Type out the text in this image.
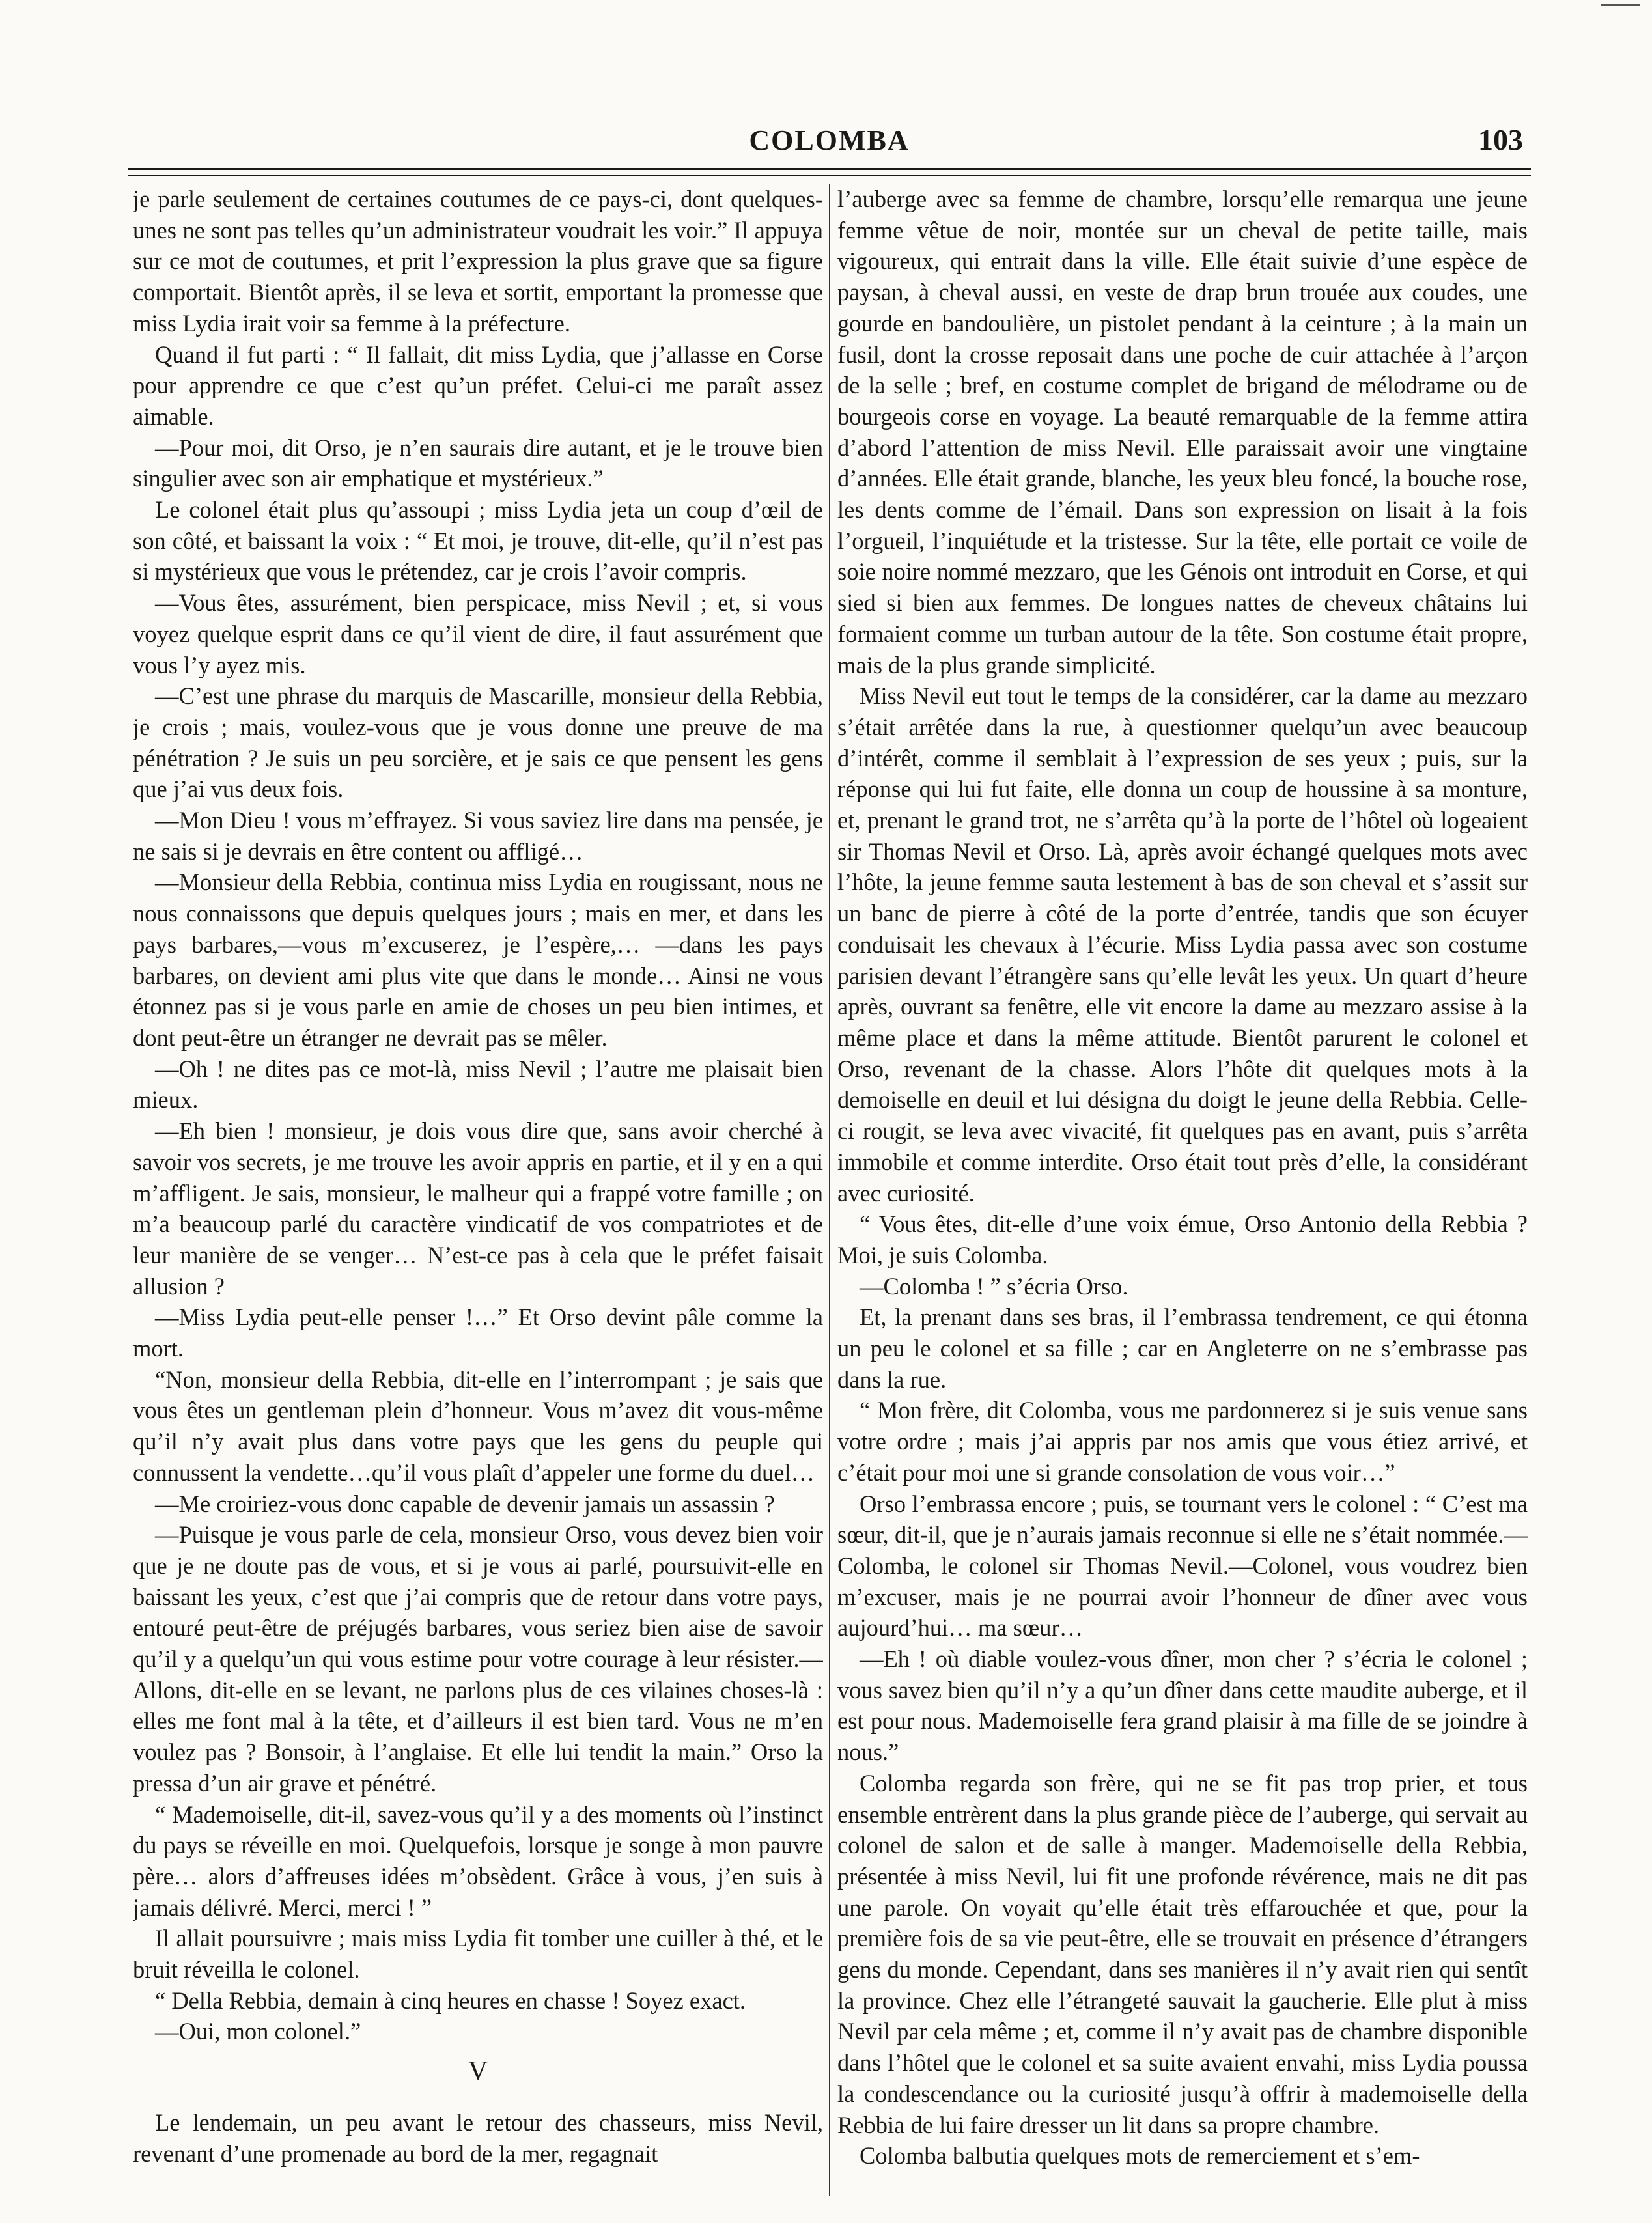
COLOMBA	103

je parle seulement de certaines coutumes de ce pays-ci, dont quelques-unes ne sont pas telles qu’un administrateur voudrait les voir.” Il appuya sur ce mot de coutumes, et prit l’expression la plus grave que sa figure comportait. Bientôt après, il se leva et sortit, emportant la promesse que miss Lydia irait voir sa femme à la préfecture.

Quand il fut parti : “ Il fallait, dit miss Lydia, que j’allasse en Corse pour apprendre ce que c’est qu’un préfet. Celui-ci me paraît assez aimable.

—Pour moi, dit Orso, je n’en saurais dire autant, et je le trouve bien singulier avec son air emphatique et mystérieux.”

Le colonel était plus qu’assoupi ; miss Lydia jeta un coup d’œil de son côté, et baissant la voix : “ Et moi, je trouve, dit-elle, qu’il n’est pas si mystérieux que vous le prétendez, car je crois l’avoir compris.

—Vous êtes, assurément, bien perspicace, miss Nevil ; et, si vous voyez quelque esprit dans ce qu’il vient de dire, il faut assurément que vous l’y ayez mis.

—C’est une phrase du marquis de Mascarille, monsieur della Rebbia, je crois ; mais, voulez-vous que je vous donne une preuve de ma pénétration ? Je suis un peu sorcière, et je sais ce que pensent les gens que j’ai vus deux fois.

—Mon Dieu ! vous m’effrayez. Si vous saviez lire dans ma pensée, je ne sais si je devrais en être content ou affligé…

—Monsieur della Rebbia, continua miss Lydia en rougissant, nous ne nous connaissons que depuis quelques jours ; mais en mer, et dans les pays barbares,—vous m’excuserez, je l’espère,… —dans les pays barbares, on devient ami plus vite que dans le monde… Ainsi ne vous étonnez pas si je vous parle en amie de choses un peu bien intimes, et dont peut-être un étranger ne devrait pas se mêler.

—Oh ! ne dites pas ce mot-là, miss Nevil ; l’autre me plaisait bien mieux.

—Eh bien ! monsieur, je dois vous dire que, sans avoir cherché à savoir vos secrets, je me trouve les avoir appris en partie, et il y en a qui m’affligent. Je sais, monsieur, le malheur qui a frappé votre famille ; on m’a beaucoup parlé du caractère vindicatif de vos compatriotes et de leur manière de se venger… N’est-ce pas à cela que le préfet faisait allusion ?

—Miss Lydia peut-elle penser !…” Et Orso devint pâle comme la mort.

“Non, monsieur della Rebbia, dit-elle en l’interrompant ; je sais que vous êtes un gentleman plein d’honneur. Vous m’avez dit vous-même qu’il n’y avait plus dans votre pays que les gens du peuple qui connussent la vendette…qu’il vous plaît d’appeler une forme du duel…

—Me croiriez-vous donc capable de devenir jamais un assassin ?

—Puisque je vous parle de cela, monsieur Orso, vous devez bien voir que je ne doute pas de vous, et si je vous ai parlé, poursuivit-elle en baissant les yeux, c’est que j’ai compris que de retour dans votre pays, entouré peut-être de préjugés barbares, vous seriez bien aise de savoir qu’il y a quelqu’un qui vous estime pour votre courage à leur résister.—Allons, dit-elle en se levant, ne parlons plus de ces vilaines choses-là : elles me font mal à la tête, et d’ailleurs il est bien tard. Vous ne m’en voulez pas ? Bonsoir, à l’anglaise. Et elle lui tendit la main.” Orso la pressa d’un air grave et pénétré.

“ Mademoiselle, dit-il, savez-vous qu’il y a des moments où l’instinct du pays se réveille en moi. Quelquefois, lorsque je songe à mon pauvre père… alors d’affreuses idées m’obsèdent. Grâce à vous, j’en suis à jamais délivré. Merci, merci ! ”

Il allait poursuivre ; mais miss Lydia fit tomber une cuiller à thé, et le bruit réveilla le colonel.

“ Della Rebbia, demain à cinq heures en chasse ! Soyez exact.

—Oui, mon colonel.”

V

Le lendemain, un peu avant le retour des chasseurs, miss Nevil, revenant d’une promenade au bord de la mer, regagnait

l’auberge avec sa femme de chambre, lorsqu’elle remarqua une jeune femme vêtue de noir, montée sur un cheval de petite taille, mais vigoureux, qui entrait dans la ville. Elle était suivie d’une espèce de paysan, à cheval aussi, en veste de drap brun trouée aux coudes, une gourde en bandoulière, un pistolet pendant à la ceinture ; à la main un fusil, dont la crosse reposait dans une poche de cuir attachée à l’arçon de la selle ; bref, en costume complet de brigand de mélodrame ou de bourgeois corse en voyage. La beauté remarquable de la femme attira d’abord l’attention de miss Nevil. Elle paraissait avoir une vingtaine d’années. Elle était grande, blanche, les yeux bleu foncé, la bouche rose, les dents comme de l’émail. Dans son expression on lisait à la fois l’orgueil, l’inquiétude et la tristesse. Sur la tête, elle portait ce voile de soie noire nommé mezzaro, que les Génois ont introduit en Corse, et qui sied si bien aux femmes. De longues nattes de cheveux châtains lui formaient comme un turban autour de la tête. Son costume était propre, mais de la plus grande simplicité.

Miss Nevil eut tout le temps de la considérer, car la dame au mezzaro s’était arrêtée dans la rue, à questionner quelqu’un avec beaucoup d’intérêt, comme il semblait à l’expression de ses yeux ; puis, sur la réponse qui lui fut faite, elle donna un coup de houssine à sa monture, et, prenant le grand trot, ne s’arrêta qu’à la porte de l’hôtel où logeaient sir Thomas Nevil et Orso. Là, après avoir échangé quelques mots avec l’hôte, la jeune femme sauta lestement à bas de son cheval et s’assit sur un banc de pierre à côté de la porte d’entrée, tandis que son écuyer conduisait les chevaux à l’écurie. Miss Lydia passa avec son costume parisien devant l’étrangère sans qu’elle levât les yeux. Un quart d’heure après, ouvrant sa fenêtre, elle vit encore la dame au mezzaro assise à la même place et dans la même attitude. Bientôt parurent le colonel et Orso, revenant de la chasse. Alors l’hôte dit quelques mots à la demoiselle en deuil et lui désigna du doigt le jeune della Rebbia. Celle-ci rougit, se leva avec vivacité, fit quelques pas en avant, puis s’arrêta immobile et comme interdite. Orso était tout près d’elle, la considérant avec curiosité.

“ Vous êtes, dit-elle d’une voix émue, Orso Antonio della Rebbia ? Moi, je suis Colomba.

—Colomba ! ” s’écria Orso.

Et, la prenant dans ses bras, il l’embrassa tendrement, ce qui étonna un peu le colonel et sa fille ; car en Angleterre on ne s’embrasse pas dans la rue.

“ Mon frère, dit Colomba, vous me pardonnerez si je suis venue sans votre ordre ; mais j’ai appris par nos amis que vous étiez arrivé, et c’était pour moi une si grande consolation de vous voir…”

Orso l’embrassa encore ; puis, se tournant vers le colonel : “ C’est ma sœur, dit-il, que je n’aurais jamais reconnue si elle ne s’était nommée.—Colomba, le colonel sir Thomas Nevil.—Colonel, vous voudrez bien m’excuser, mais je ne pourrai avoir l’honneur de dîner avec vous aujourd’hui… ma sœur…

—Eh ! où diable voulez-vous dîner, mon cher ? s’écria le colonel ; vous savez bien qu’il n’y a qu’un dîner dans cette maudite auberge, et il est pour nous. Mademoiselle fera grand plaisir à ma fille de se joindre à nous.”

Colomba regarda son frère, qui ne se fit pas trop prier, et tous ensemble entrèrent dans la plus grande pièce de l’auberge, qui servait au colonel de salon et de salle à manger. Mademoiselle della Rebbia, présentée à miss Nevil, lui fit une profonde révérence, mais ne dit pas une parole. On voyait qu’elle était très effarouchée et que, pour la première fois de sa vie peut-être, elle se trouvait en présence d’étrangers gens du monde. Cependant, dans ses manières il n’y avait rien qui sentît la province. Chez elle l’étrangeté sauvait la gaucherie. Elle plut à miss Nevil par cela même ; et, comme il n’y avait pas de chambre disponible dans l’hôtel que le colonel et sa suite avaient envahi, miss Lydia poussa la condescendance ou la curiosité jusqu’à offrir à mademoiselle della Rebbia de lui faire dresser un lit dans sa propre chambre.

Colomba balbutia quelques mots de remerciement et s’em-
